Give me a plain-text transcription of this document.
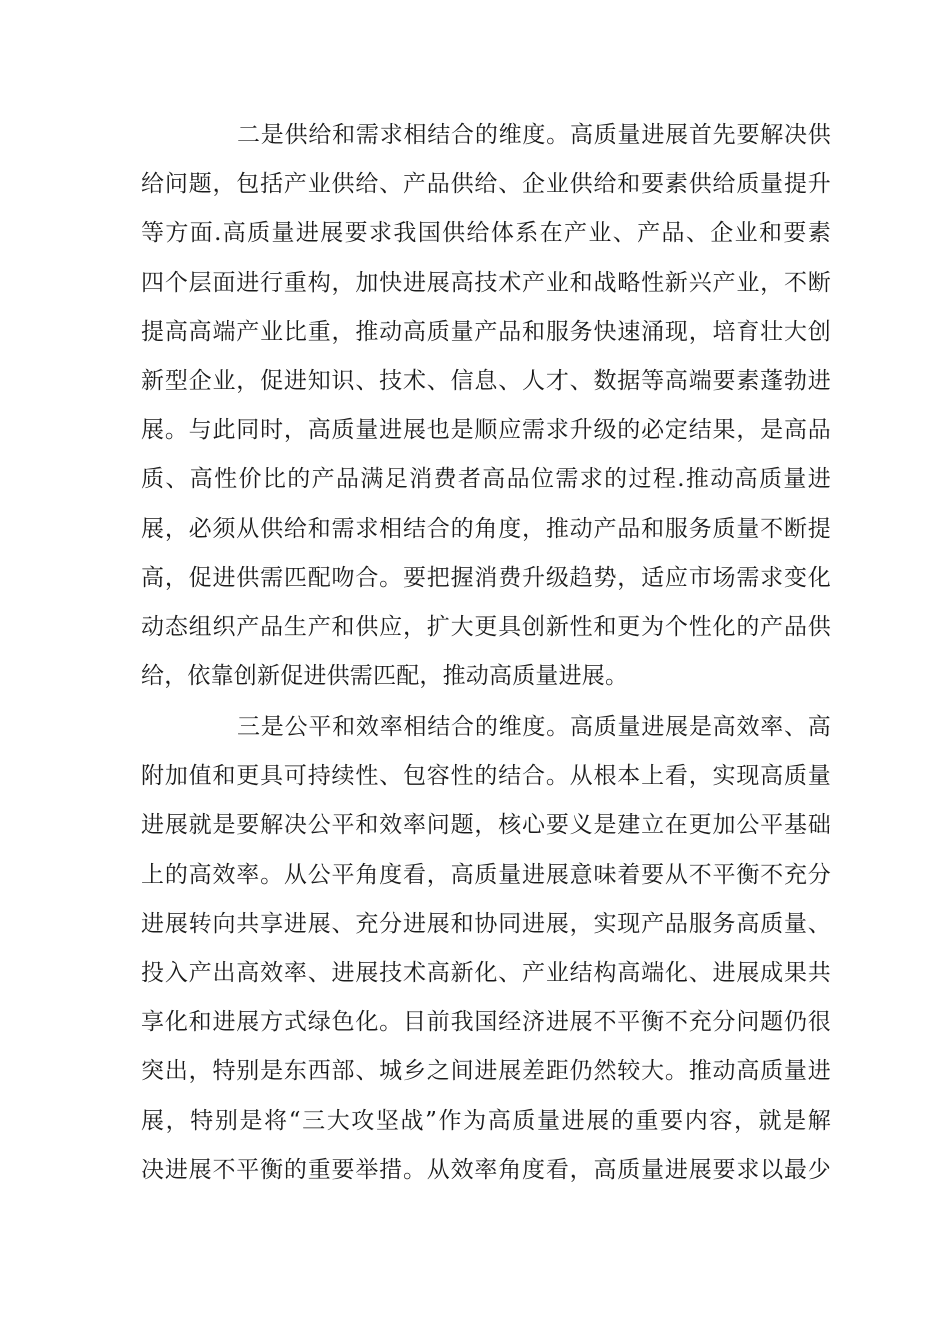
二是供给和需求相结合的维度。高质量进展首先要解决供
给问题，包括产业供给、产品供给、企业供给和要素供给质量提升
等方面.高质量进展要求我国供给体系在产业、产品、企业和要素
四个层面进行重构，加快进展高技术产业和战略性新兴产业，不断
提高高端产业比重，推动高质量产品和服务快速涌现，培育壮大创
新型企业，促进知识、技术、信息、人才、数据等高端要素蓬勃进
展。与此同时，高质量进展也是顺应需求升级的必定结果，是高品
质、高性价比的产品满足消费者高品位需求的过程.推动高质量进
展，必须从供给和需求相结合的角度，推动产品和服务质量不断提
高，促进供需匹配吻合。要把握消费升级趋势，适应市场需求变化
动态组织产品生产和供应，扩大更具创新性和更为个性化的产品供
给，依靠创新促进供需匹配，推动高质量进展。
三是公平和效率相结合的维度。高质量进展是高效率、高
附加值和更具可持续性、包容性的结合。从根本上看，实现高质量
进展就是要解决公平和效率问题，核心要义是建立在更加公平基础
上的高效率。从公平角度看，高质量进展意味着要从不平衡不充分
进展转向共享进展、充分进展和协同进展，实现产品服务高质量、
投入产出高效率、进展技术高新化、产业结构高端化、进展成果共
享化和进展方式绿色化。目前我国经济进展不平衡不充分问题仍很
突出，特别是东西部、城乡之间进展差距仍然较大。推动高质量进
展，特别是将“三大攻坚战”作为高质量进展的重要内容，就是解
决进展不平衡的重要举措。从效率角度看，高质量进展要求以最少
